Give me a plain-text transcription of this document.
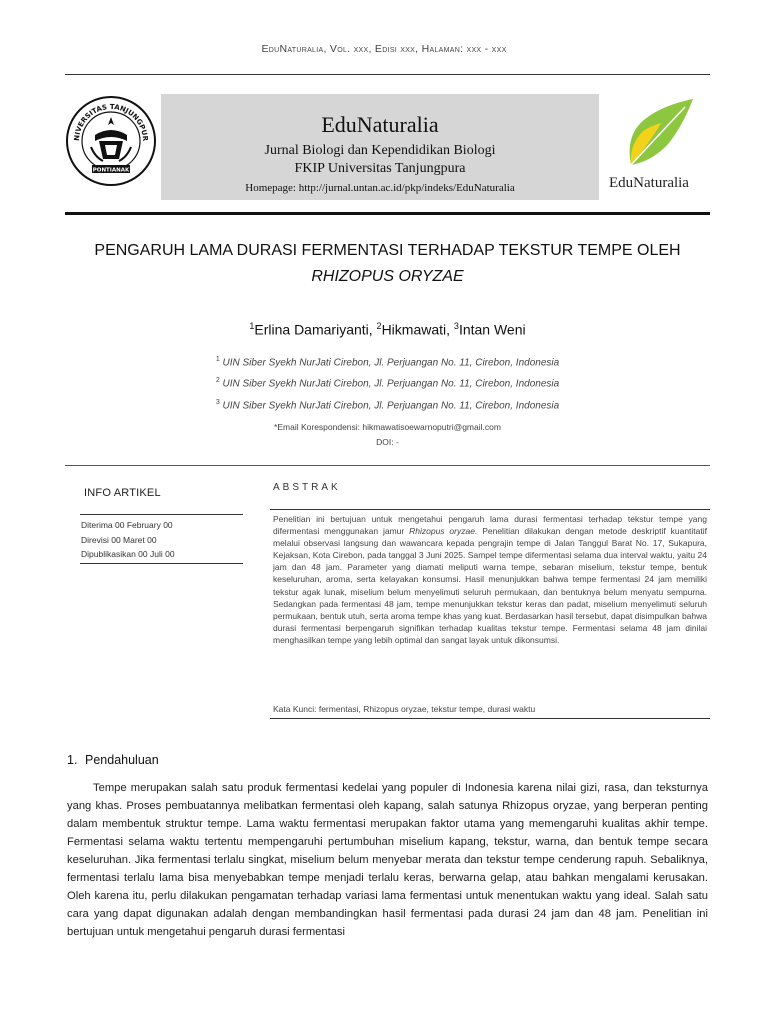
EduNaturalia, Vol. xxx, Edisi xxx, Halaman: xxx - xxx
NIVERSITAS TANJUNGPUR
PONTIANAK
EduNaturalia
Jurnal Biologi dan Kependidikan Biologi
FKIP Universitas Tanjungpura
Homepage: http://jurnal.untan.ac.id/pkp/indeks/EduNaturalia	EduNaturalia
PENGARUH LAMA DURASI FERMENTASI TERHADAP TEKSTUR TEMPE OLEH
RHIZOPUS ORYZAE
$^1$Erlina Damariyanti, $^2$Hikmawati, $^3$Intan Weni
$^1$ UIN Siber Syekh NurJati Cirebon, Jl. Perjuangan No. 11, Cirebon, Indonesia
$^2$ UIN Siber Syekh NurJati Cirebon, Jl. Perjuangan No. 11, Cirebon, Indonesia
$^3$ UIN Siber Syekh NurJati Cirebon, Jl. Perjuangan No. 11, Cirebon, Indonesia
*Email Korespondensi: hikmawatisoewarnoputri@gmail.com
DOI: -
INFO ARTIKEL
Diterima 00 February 00
Direvisi 00 Maret 00
Dipublikasikan 00 Juli 00
ABSTRAK
Penelitian ini bertujuan untuk mengetahui pengaruh lama durasi fermentasi terhadap tekstur tempe yang difermentasi menggunakan jamur Rhizopus oryzae. Penelitian dilakukan dengan metode deskriptif kuantitatif melalui observasi langsung dan wawancara kepada pengrajin tempe di Jalan Tanggul Barat No. 17, Sukapura, Kejaksan, Kota Cirebon, pada tanggal 3 Juni 2025. Sampel tempe difermentasi selama dua interval waktu, yaitu 24 jam dan 48 jam. Parameter yang diamati meliputi warna tempe, sebaran miselium, tekstur tempe, bentuk keseluruhan, aroma, serta kelayakan konsumsi. Hasil menunjukkan bahwa tempe fermentasi 24 jam memiliki tekstur agak lunak, miselium belum menyelimuti seluruh permukaan, dan bentuknya belum menyatu sempurna. Sedangkan pada fermentasi 48 jam, tempe menunjukkan tekstur keras dan padat, miselium menyelimuti seluruh permukaan, bentuk utuh, serta aroma tempe khas yang kuat. Berdasarkan hasil tersebut, dapat disimpulkan bahwa durasi fermentasi berpengaruh signifikan terhadap kualitas tekstur tempe. Fermentasi selama 48 jam dinilai menghasilkan tempe yang lebih optimal dan sangat layak untuk dikonsumsi.
Kata Kunci: fermentasi, Rhizopus oryzae, tekstur tempe, durasi waktu
1. Pendahuluan
Tempe merupakan salah satu produk fermentasi kedelai yang populer di Indonesia karena nilai gizi, rasa, dan teksturnya yang khas. Proses pembuatannya melibatkan fermentasi oleh kapang, salah satunya Rhizopus oryzae, yang berperan penting dalam membentuk struktur tempe. Lama waktu fermentasi merupakan faktor utama yang memengaruhi kualitas akhir tempe. Fermentasi selama waktu tertentu mempengaruhi pertumbuhan miselium kapang, tekstur, warna, dan bentuk tempe secara keseluruhan. Jika fermentasi terlalu singkat, miselium belum menyebar merata dan tekstur tempe cenderung rapuh. Sebaliknya, fermentasi terlalu lama bisa menyebabkan tempe menjadi terlalu keras, berwarna gelap, atau bahkan mengalami kerusakan. Oleh karena itu, perlu dilakukan pengamatan terhadap variasi lama fermentasi untuk menentukan waktu yang ideal. Salah satu cara yang dapat digunakan adalah dengan membandingkan hasil fermentasi pada durasi 24 jam dan 48 jam. Penelitian ini bertujuan untuk mengetahui pengaruh durasi fermentasi
